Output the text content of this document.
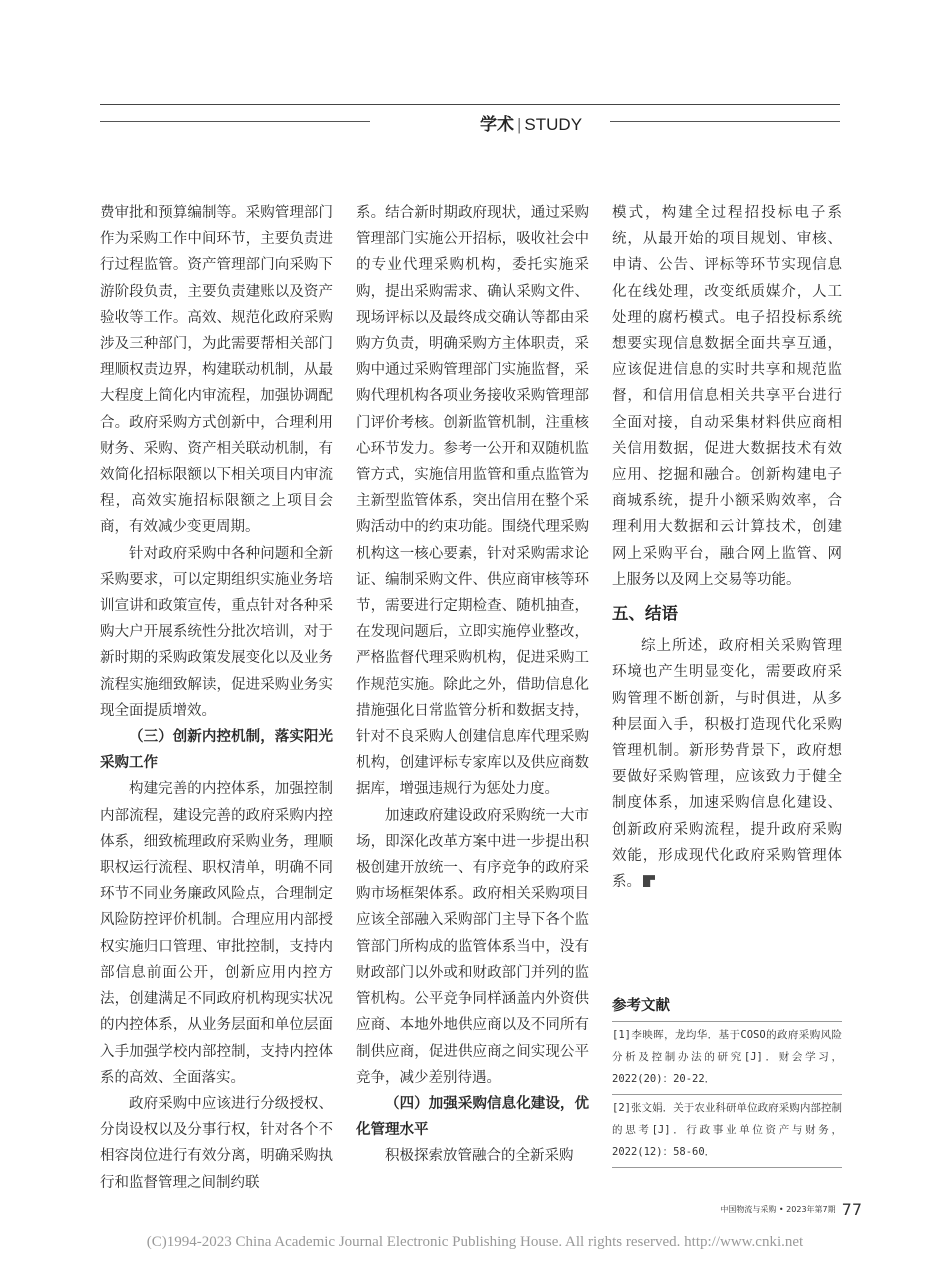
学术 | STUDY

费审批和预算编制等。采购管理部门作为采购工作中间环节，主要负责进行过程监管。资产管理部门向采购下游阶段负责，主要负责建账以及资产验收等工作。高效、规范化政府采购涉及三种部门，为此需要帮相关部门理顺权责边界，构建联动机制，从最大程度上简化内审流程，加强协调配合。政府采购方式创新中，合理利用财务、采购、资产相关联动机制，有效简化招标限额以下相关项目内审流程，高效实施招标限额之上项目会商，有效减少变更周期。

针对政府采购中各种问题和全新采购要求，可以定期组织实施业务培训宣讲和政策宣传，重点针对各种采购大户开展系统性分批次培训，对于新时期的采购政策发展变化以及业务流程实施细致解读，促进采购业务实现全面提质增效。

（三）创新内控机制，落实阳光采购工作

构建完善的内控体系，加强控制内部流程，建设完善的政府采购内控体系，细致梳理政府采购业务，理顺职权运行流程、职权清单，明确不同环节不同业务廉政风险点，合理制定风险防控评价机制。合理应用内部授权实施归口管理、审批控制，支持内部信息前面公开，创新应用内控方法，创建满足不同政府机构现实状况的内控体系，从业务层面和单位层面入手加强学校内部控制，支持内控体系的高效、全面落实。

政府采购中应该进行分级授权、分岗设权以及分事行权，针对各个不相容岗位进行有效分离，明确采购执行和监督管理之间制约联

系。结合新时期政府现状，通过采购管理部门实施公开招标，吸收社会中的专业代理采购机构，委托实施采购，提出采购需求、确认采购文件、现场评标以及最终成交确认等都由采购方负责，明确采购方主体职责，采购中通过采购管理部门实施监督，采购代理机构各项业务接收采购管理部门评价考核。创新监管机制，注重核心环节发力。参考一公开和双随机监管方式，实施信用监管和重点监管为主新型监管体系，突出信用在整个采购活动中的约束功能。围绕代理采购机构这一核心要素，针对采购需求论证、编制采购文件、供应商审核等环节，需要进行定期检查、随机抽查，在发现问题后，立即实施停业整改，严格监督代理采购机构，促进采购工作规范实施。除此之外，借助信息化措施强化日常监管分析和数据支持，针对不良采购人创建信息库代理采购机构，创建评标专家库以及供应商数据库，增强违规行为惩处力度。

加速政府建设政府采购统一大市场，即深化改革方案中进一步提出积极创建开放统一、有序竞争的政府采购市场框架体系。政府相关采购项目应该全部融入采购部门主导下各个监管部门所构成的监管体系当中，没有财政部门以外或和财政部门并列的监管机构。公平竞争同样涵盖内外资供应商、本地外地供应商以及不同所有制供应商，促进供应商之间实现公平竞争，减少差别待遇。

（四）加强采购信息化建设，优化管理水平

积极探索放管融合的全新采购

模式，构建全过程招投标电子系统，从最开始的项目规划、审核、申请、公告、评标等环节实现信息化在线处理，改变纸质媒介，人工处理的腐朽模式。电子招投标系统想要实现信息数据全面共享互通，应该促进信息的实时共享和规范监督，和信用信息相关共享平台进行全面对接，自动采集材料供应商相关信用数据，促进大数据技术有效应用、挖掘和融合。创新构建电子商城系统，提升小额采购效率，合理利用大数据和云计算技术，创建网上采购平台，融合网上监管、网上服务以及网上交易等功能。

五、结语

综上所述，政府相关采购管理环境也产生明显变化，需要政府采购管理不断创新，与时俱进，从多种层面入手，积极打造现代化采购管理机制。新形势背景下，政府想要做好采购管理，应该致力于健全制度体系，加速采购信息化建设、创新政府采购流程，提升政府采购效能，形成现代化政府采购管理体系。

参考文献
[1]李映晖，龙均华．基于COSO的政府采购风险分析及控制办法的研究[J]．财会学习，2022(20)：20-22．
[2]张文娟．关于农业科研单位政府采购内部控制的思考[J]．行政事业单位资产与财务，2022(12)：58-60．
中国物流与采购 • 2023年第7期 77
(C)1994-2023 China Academic Journal Electronic Publishing House. All rights reserved. http://www.cnki.net
